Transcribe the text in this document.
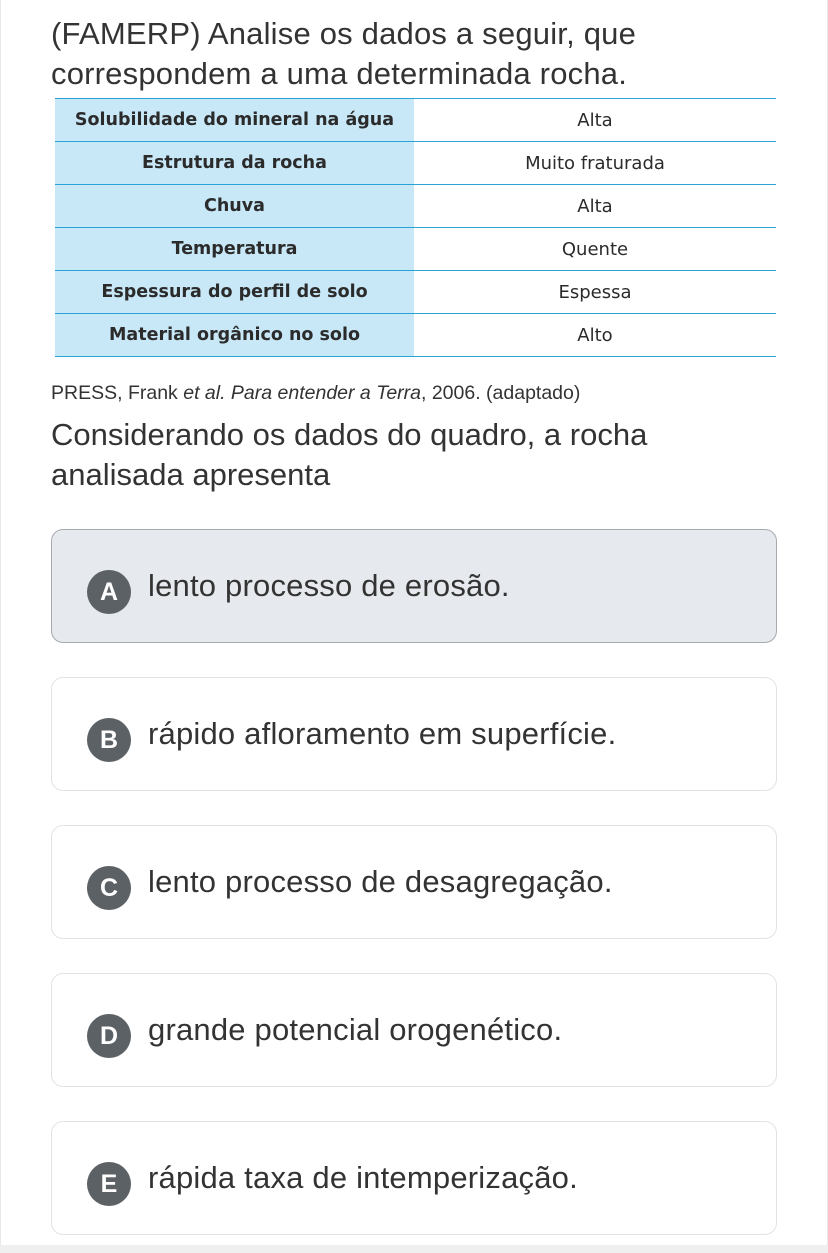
(FAMERP) Analise os dados a seguir, que
correspondem a uma determinada rocha.
Solubilidade do mineral na água	Alta
Estrutura da rocha	Muito fraturada
Chuva	Alta
Temperatura	Quente
Espessura do perfil de solo	Espessa
Material orgânico no solo	Alto
PRESS, Frank et al. Para entender a Terra, 2006. (adaptado)
Considerando os dados do quadro, a rocha
analisada apresenta
A lento processo de erosão.
B rápido afloramento em superfície.
C lento processo de desagregação.
D grande potencial orogenético.
E rápida taxa de intemperização.
